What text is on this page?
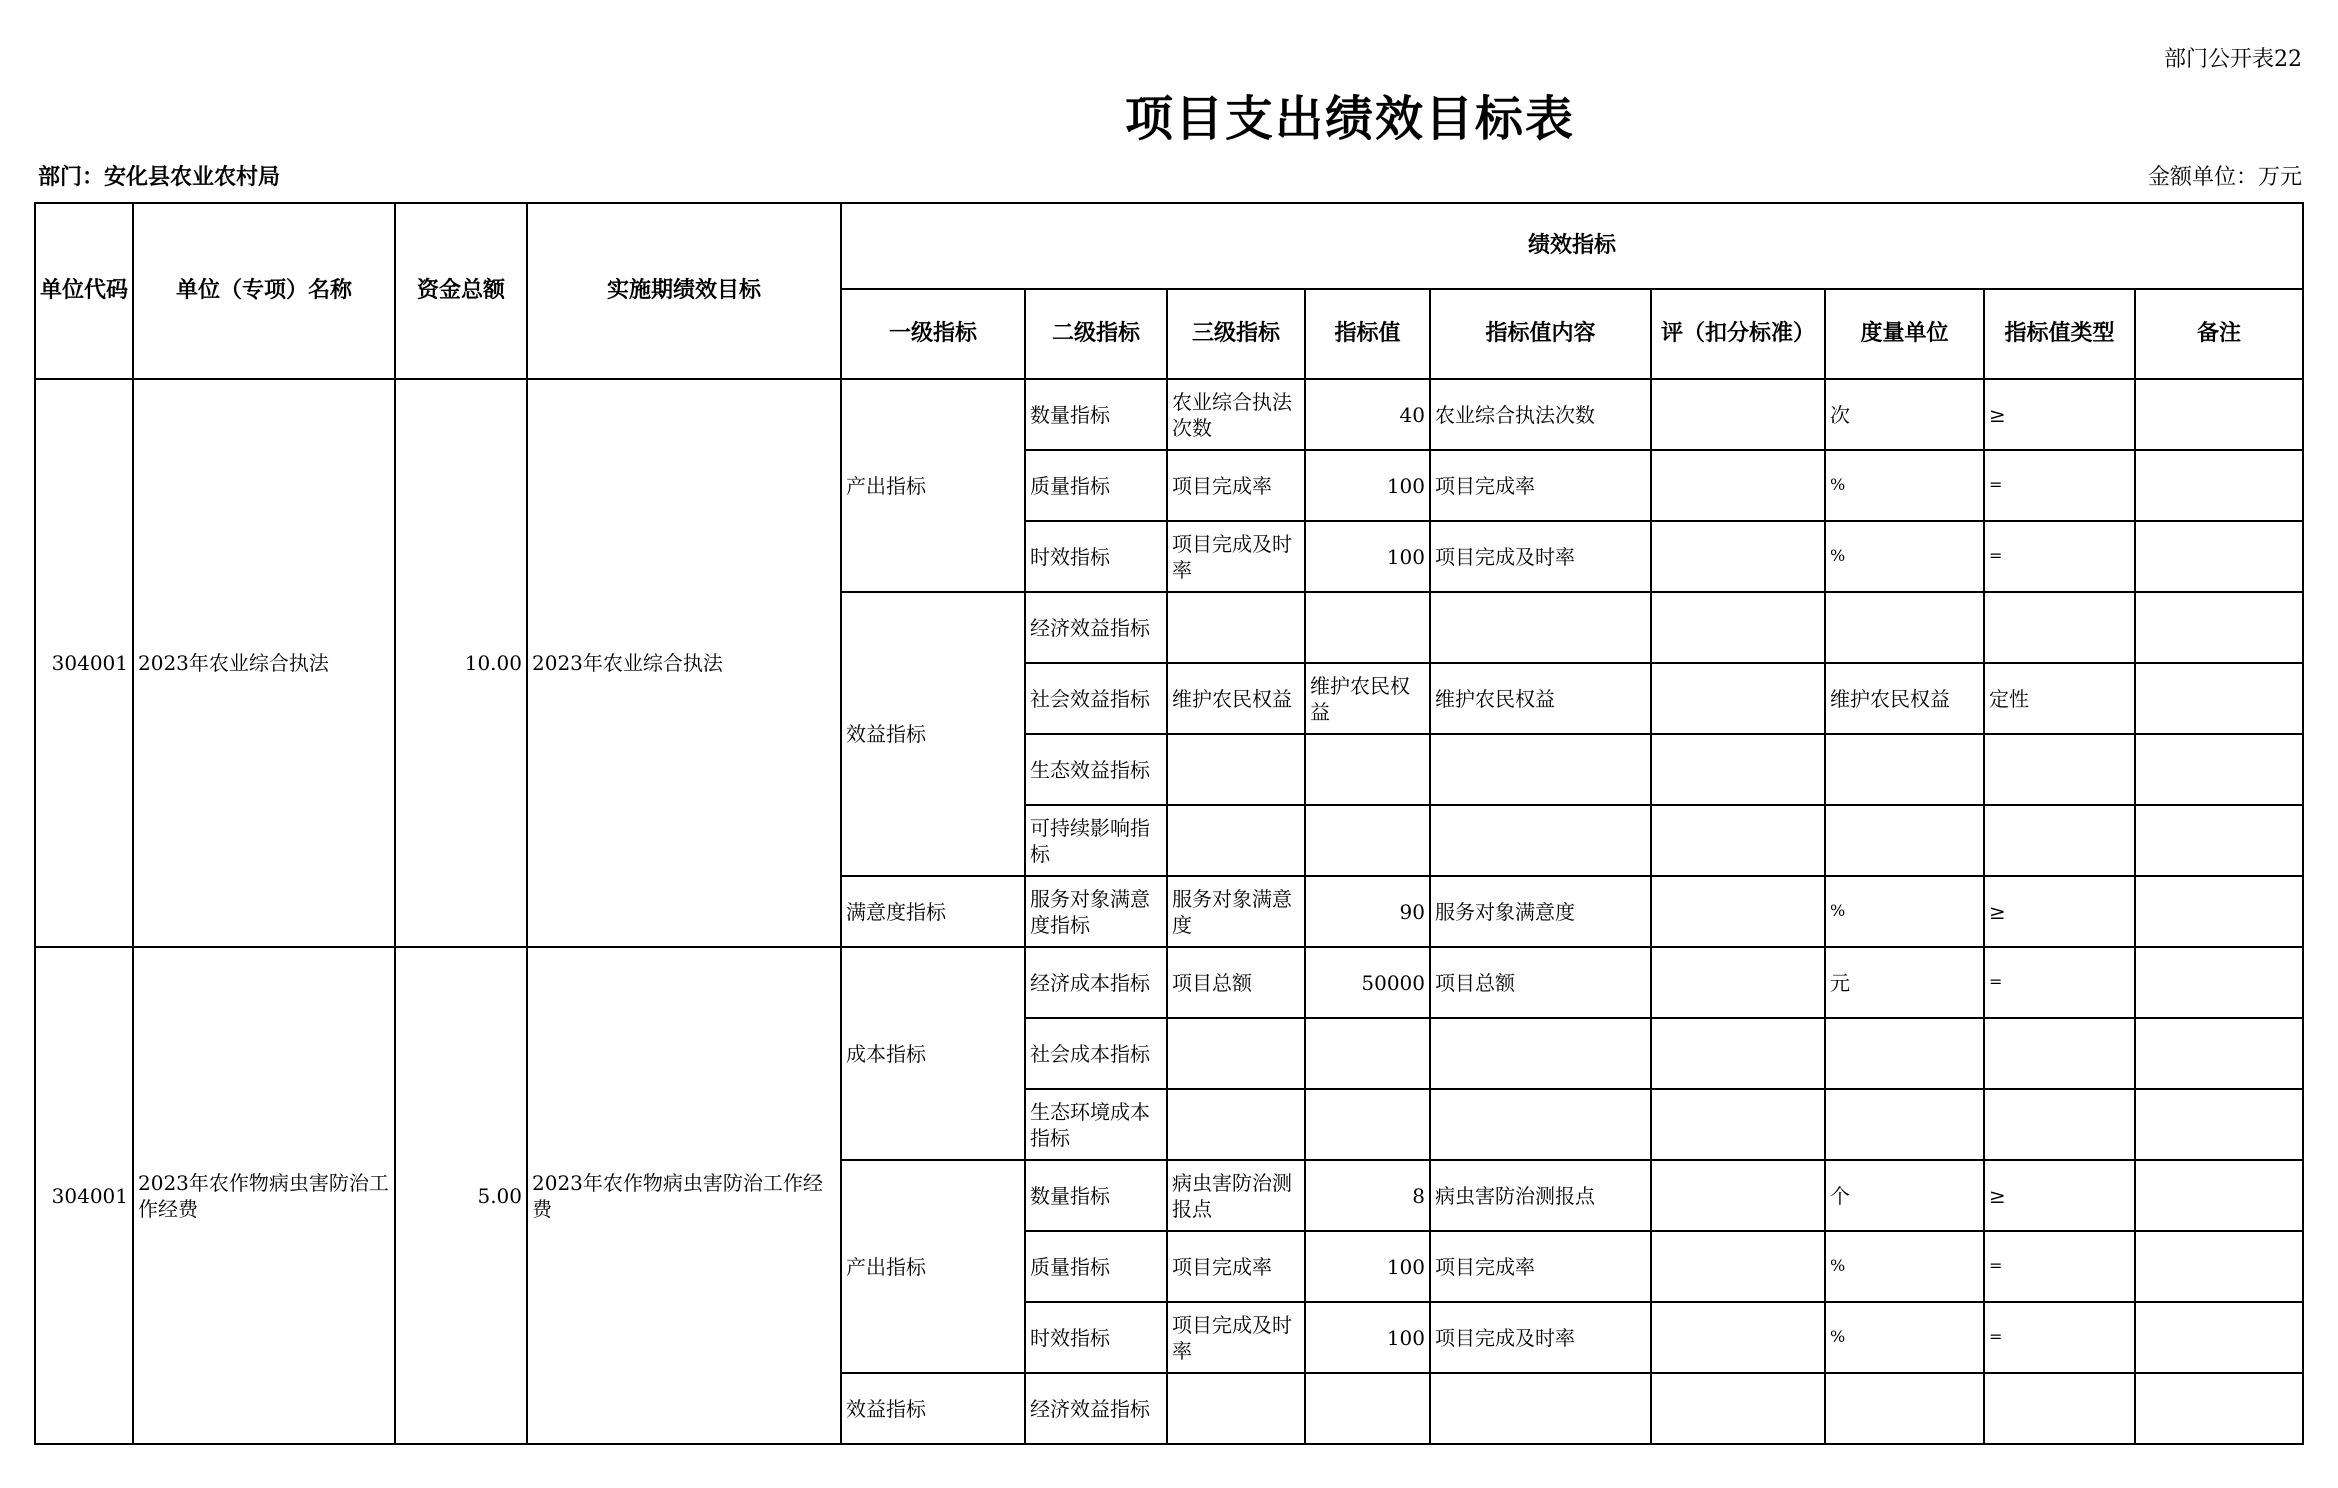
部门公开表22
项目支出绩效目标表
部门：安化县农业农村局	金额单位：万元
单位代码	单位（专项）名称	资金总额	实施期绩效目标	绩效指标								
				一级指标	二级指标	三级指标	指标值	指标值内容	评（扣分标准）	度量单位	指标值类型	备注
304001	2023年农业综合执法	10.00	2023年农业综合执法	产出指标	数量指标	农业综合执法次数	40	农业综合执法次数		次	≥	
					质量指标	项目完成率	100	项目完成率		%	=	
					时效指标	项目完成及时率	100	项目完成及时率		%	=	
				效益指标	经济效益指标							
					社会效益指标	维护农民权益	维护农民权益	维护农民权益		维护农民权益	定性	
					生态效益指标							
					可持续影响指标							
				满意度指标	服务对象满意度指标	服务对象满意度	90	服务对象满意度		%	≥	
304001	2023年农作物病虫害防治工作经费	5.00	2023年农作物病虫害防治工作经费	成本指标	经济成本指标	项目总额	50000	项目总额		元	=	
					社会成本指标							
					生态环境成本指标							
				产出指标	数量指标	病虫害防治测报点	8	病虫害防治测报点		个	≥	
					质量指标	项目完成率	100	项目完成率		%	=	
					时效指标	项目完成及时率	100	项目完成及时率		%	=	
				效益指标	经济效益指标							
